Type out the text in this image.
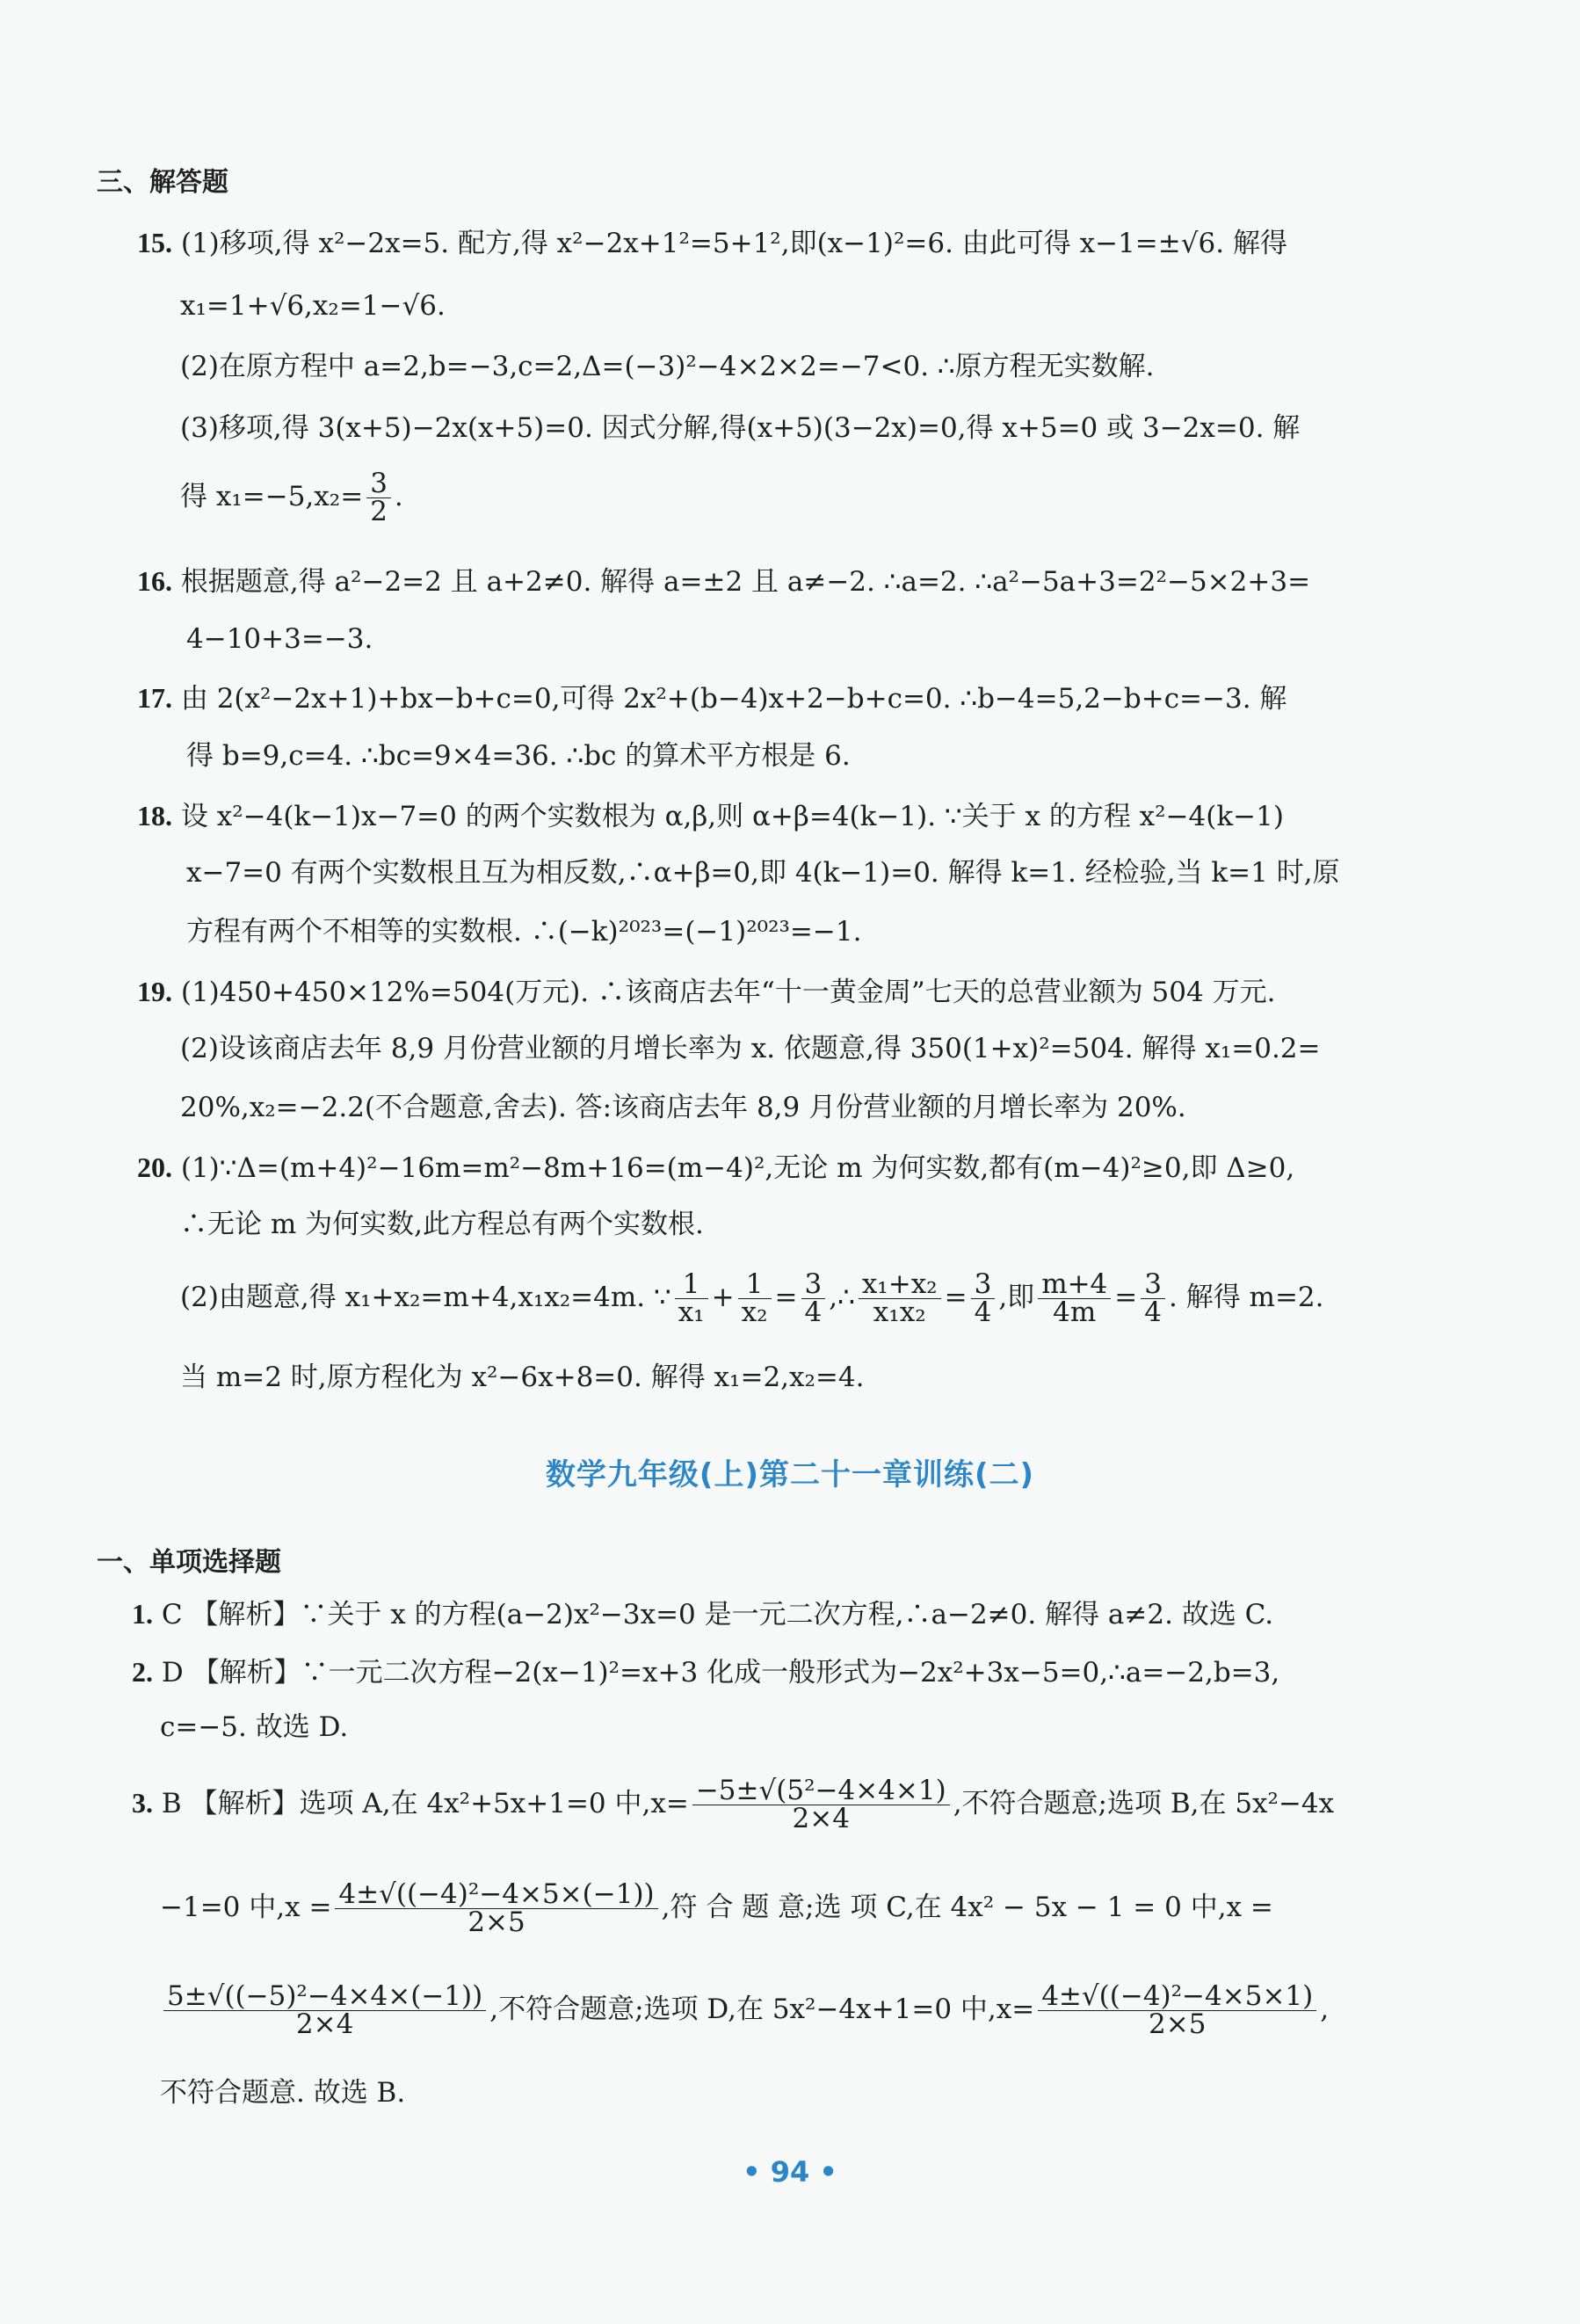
三、解答题
15. (1)移项,得 x²−2x=5. 配方,得 x²−2x+1²=5+1²,即(x−1)²=6. 由此可得 x−1=±√6. 解得
x₁=1+√6,x₂=1−√6.
(2)在原方程中 a=2,b=−3,c=2,Δ=(−3)²−4×2×2=−7<0. ∴原方程无实数解.
(3)移项,得 3(x+5)−2x(x+5)=0. 因式分解,得(x+5)(3−2x)=0,得 x+5=0 或 3−2x=0. 解
得 $x_1=-5,x_2= \frac{3}{2}$ .
16. 根据题意,得 a²−2=2 且 a+2≠0. 解得 a=±2 且 a≠−2. ∴a=2. ∴a²−5a+3=2²−5×2+3=
4−10+3=−3.
17. 由 2(x²−2x+1)+bx−b+c=0,可得 2x²+(b−4)x+2−b+c=0. ∴b−4=5,2−b+c=−3. 解
得 b=9,c=4. ∴bc=9×4=36. ∴bc 的算术平方根是 6.
18. 设 x²−4(k−1)x−7=0 的两个实数根为 α,β,则 α+β=4(k−1). ∵关于 x 的方程 x²−4(k−1)
x−7=0 有两个实数根且互为相反数,∴α+β=0,即 4(k−1)=0. 解得 k=1. 经检验,当 k=1 时,原
方程有两个不相等的实数根. ∴(−k)²⁰²³=(−1)²⁰²³=−1.
19. (1)450+450×12%=504(万元). ∴该商店去年“十一黄金周”七天的总营业额为 504 万元.
(2)设该商店去年 8,9 月份营业额的月增长率为 x. 依题意,得 350(1+x)²=504. 解得 x₁=0.2=
20%,x₂=−2.2(不合题意,舍去). 答:该商店去年 8,9 月份营业额的月增长率为 20%.
20. (1)∵Δ=(m+4)²−16m=m²−8m+16=(m−4)²,无论 m 为何实数,都有(m−4)²≥0,即 Δ≥0,
∴无论 m 为何实数,此方程总有两个实数根.
(2)由题意,得 x₁+x₂=m+4,x₁x₂=4m. ∵ $\frac{1}{\text{x₁}} + \frac{1}{\text{x₂}} = \frac{3}{4}$ ,∴ $\frac{\text{x₁+x₂}}{\text{x₁x₂}} = \frac{3}{4}$ ,即 $\frac{m+4}{4m} = \frac{3}{4}$ . 解得 m=2.
当 m=2 时,原方程化为 x²−6x+8=0. 解得 x₁=2,x₂=4.
数学九年级(上)第二十一章训练(二)
一、单项选择题
1. C 【解析】∵关于 x 的方程(a−2)x²−3x=0 是一元二次方程,∴a−2≠0. 解得 a≠2. 故选 C.
2. D 【解析】∵一元二次方程−2(x−1)²=x+3 化成一般形式为−2x²+3x−5=0,∴a=−2,b=3,
c=−5. 故选 D.
3. B 【解析】选项 A,在 4x²+5x+1=0 中$,x= \frac{\text{−5±√(5²−4×4×1)}}{2\times 4}$ ,不符合题意;选项 B,在 5x²−4x
−1=0 中$,x = \frac{\text{4±√((−4)²−4×5×(−1))}}{2\times 5}$ ,符 合 题 意;选 项 C,在 4x² − 5x − 1 = 0 中,x =
$\frac{\text{5±√((−5)²−4×4×(−1))}}{2\times 4}$ ,不符合题意;选项 D,在 5x²−4x+1=0 中$,x= \frac{\text{4±√((−4)²−4×5×1)}}{2\times 5}$ ,
不符合题意. 故选 B.
• 94 •
